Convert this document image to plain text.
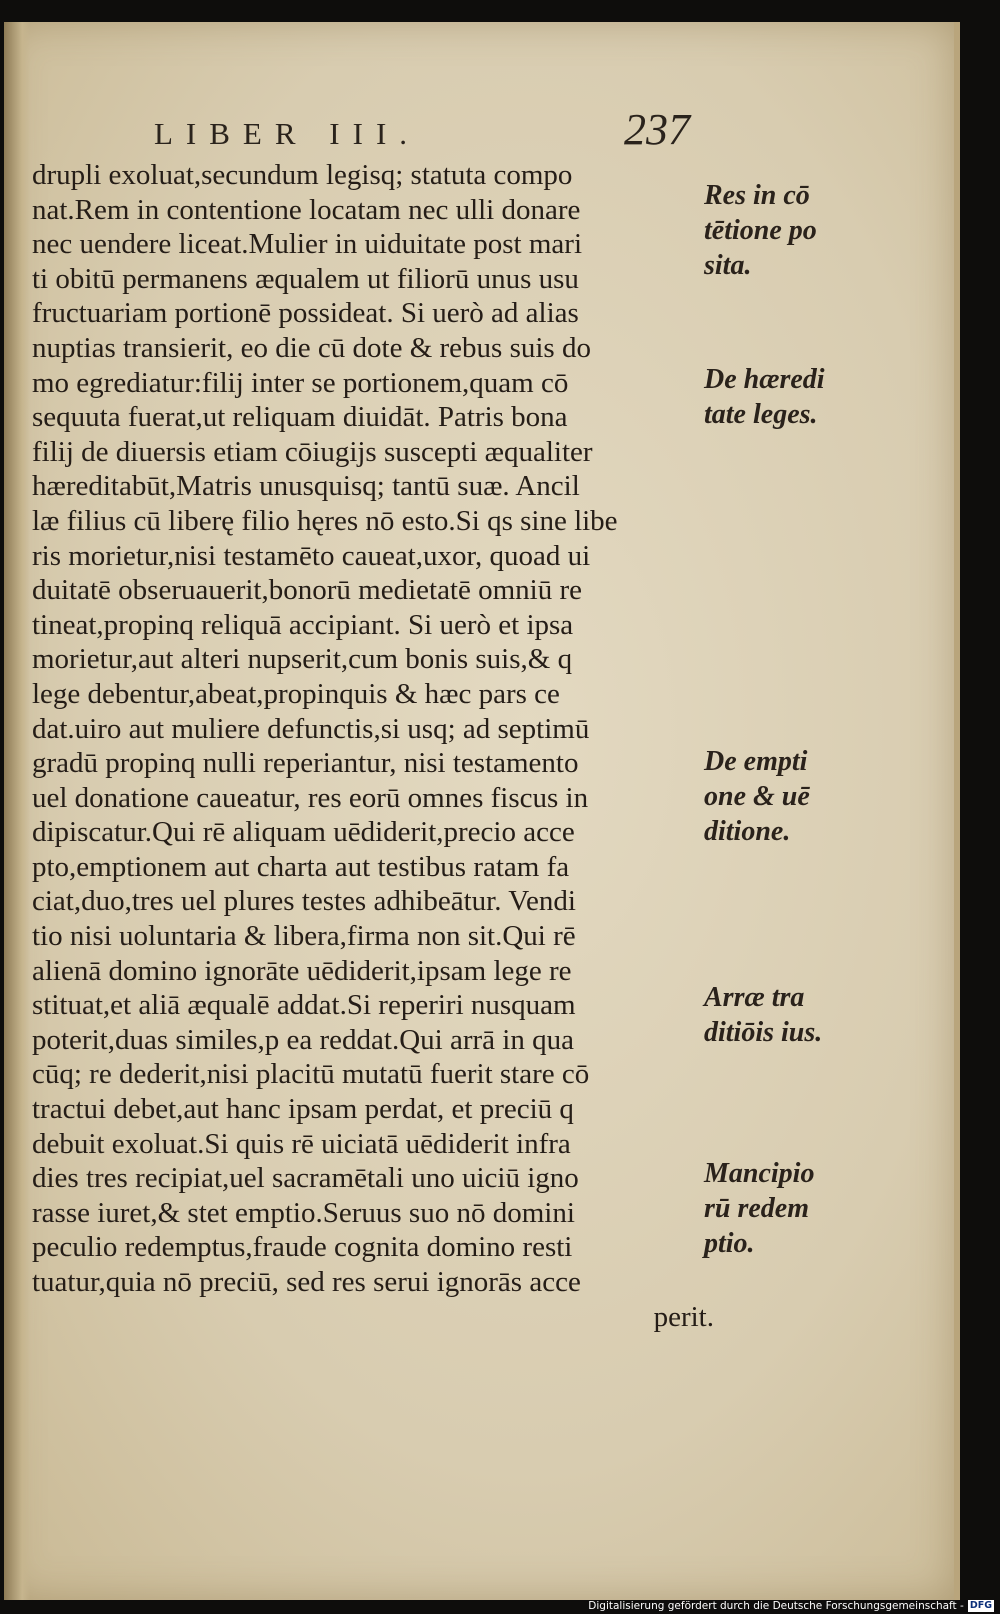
LIBER III.	237
drupli exoluat,secundum legisq; statuta compo
nat.Rem in contentione locatam nec ulli donare
nec uendere liceat.Mulier in uiduitate post mari
ti obitū permanens æqualem ut filiorū unus usu
fructuariam portionē possideat. Si uerò ad alias
nuptias transierit, eo die cū dote & rebus suis do
mo egrediatur:filij inter se portionem,quam cō
sequuta fuerat,ut reliquam diuidāt. Patris bona
filij de diuersis etiam cōiugijs suscepti æqualiter
hæreditabūt,Matris unusquisq; tantū suæ. Ancil
læ filius cū liberę filio hęres nō esto.Si qs sine libe
ris morietur,nisi testamēto caueat,uxor, quoad ui
duitatē obseruauerit,bonorū medietatē omniū re
tineat,propinq reliquā accipiant. Si uerò et ipsa
morietur,aut alteri nupserit,cum bonis suis,& q
lege debentur,abeat,propinquis & hæc pars ce
dat.uiro aut muliere defunctis,si usq; ad septimū
gradū propinq nulli reperiantur, nisi testamento
uel donatione caueatur, res eorū omnes fiscus in
dipiscatur.Qui rē aliquam uēdiderit,precio acce
pto,emptionem aut charta aut testibus ratam fa
ciat,duo,tres uel plures testes adhibeātur. Vendi
tio nisi uoluntaria & libera,firma non sit.Qui rē
alienā domino ignorāte uēdiderit,ipsam lege re
stituat,et aliā æqualē addat.Si reperiri nusquam
poterit,duas similes,p ea reddat.Qui arrā in qua
cūq; re dederit,nisi placitū mutatū fuerit stare cō
tractui debet,aut hanc ipsam perdat, et preciū q
debuit exoluat.Si quis rē uiciatā uēdiderit infra
dies tres recipiat,uel sacramētali uno uiciū igno
rasse iuret,& stet emptio.Seruus suo nō domini
peculio redemptus,fraude cognita domino resti
tuatur,quia nō preciū, sed res serui ignorās acce
perit.
Res in cō
tētione po
sita.
De hæredi
tate leges.
De empti
one & uē
ditione.
Arræ tra
ditiōis ius.
Mancipio
rū redem
ptio.
Digitalisierung gefördert durch die Deutsche Forschungsgemeinschaft - DFG
